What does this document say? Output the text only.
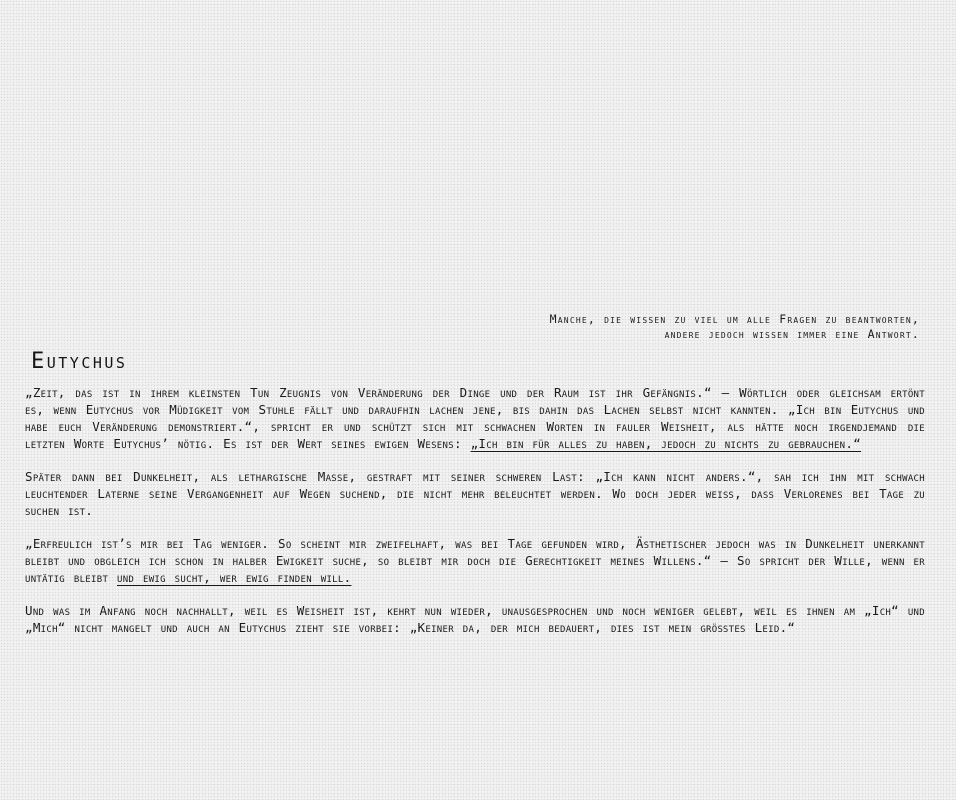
Manche, die wissen zu viel um alle Fragen zu beantworten,
andere jedoch wissen immer eine Antwort.
Eutychus

„Zeit, das ist in ihrem kleinsten Tun Zeugnis von Veränderung der Dinge und der Raum ist ihr Gefängnis.“ – Wörtlich oder gleichsam ertönt es, wenn Eutychus vor Müdigkeit vom Stuhle fällt und daraufhin lachen jene, bis dahin das Lachen selbst nicht kannten. „Ich bin Eutychus und habe euch Veränderung demonstriert.“, spricht er und schützt sich mit schwachen Worten in fauler Weisheit, als hätte noch irgendjemand die letzten Worte Eutychus’ nötig. Es ist der Wert seines ewigen Wesens: „Ich bin für alles zu haben, jedoch zu nichts zu gebrauchen.“

Später dann bei Dunkelheit, als lethargische Masse, gestraft mit seiner schweren Last: „Ich kann nicht anders.“, sah ich ihn mit schwach leuchtender Laterne seine Vergangenheit auf Wegen suchend, die nicht mehr beleuchtet werden. Wo doch jeder weiß, dass Verlorenes bei Tage zu suchen ist.

„Erfreulich ist’s mir bei Tag weniger. So scheint mir zweifelhaft, was bei Tage gefunden wird, Ästhetischer jedoch was in Dunkelheit unerkannt bleibt und obgleich ich schon in halber Ewigkeit suche, so bleibt mir doch die Gerechtigkeit meines Willens.“ – So spricht der Wille, wenn er untätig bleibt und ewig sucht, wer ewig finden will.

Und was im Anfang noch nachhallt, weil es Weisheit ist, kehrt nun wieder, unausgesprochen und noch weniger gelebt, weil es ihnen am „Ich“ und „Mich“ nicht mangelt und auch an Eutychus zieht sie vorbei: „Keiner da, der mich bedauert, dies ist mein größtes Leid.“
